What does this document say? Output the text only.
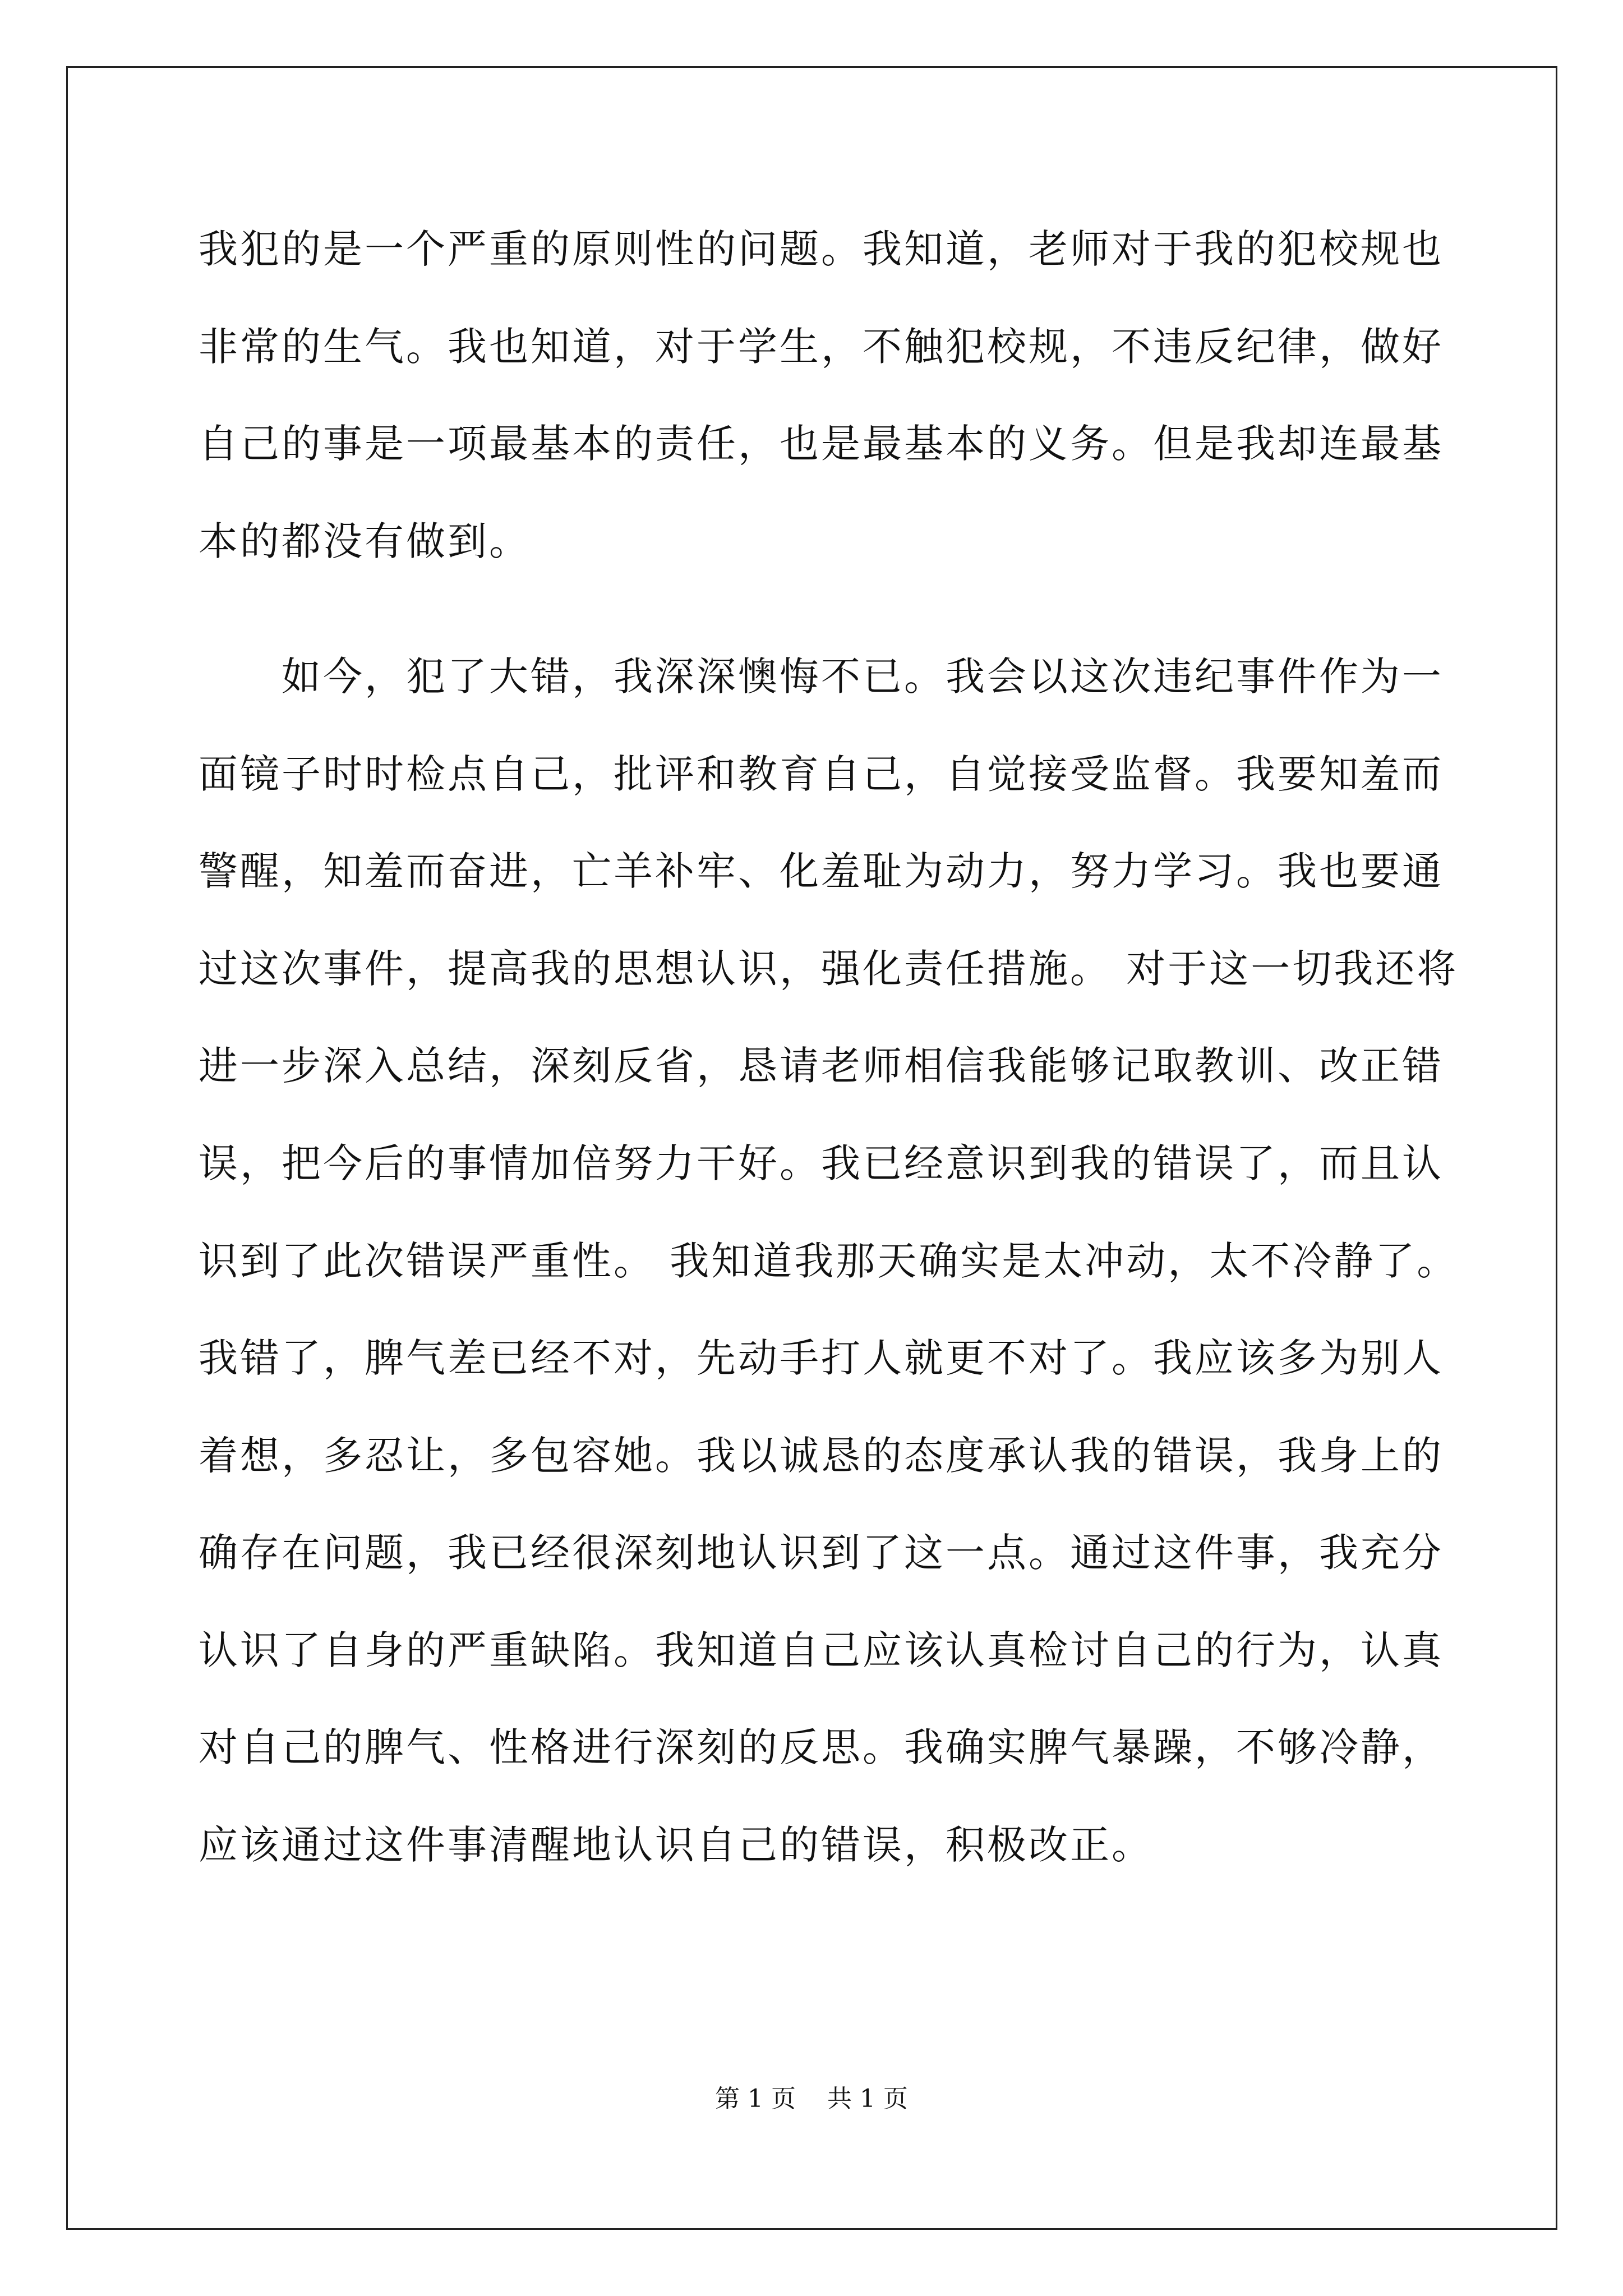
我犯的是一个严重的原则性的问题。我知道，老师对于我的犯校规也
非常的生气。我也知道，对于学生，不触犯校规，不违反纪律，做好
自己的事是一项最基本的责任，也是最基本的义务。但是我却连最基
本的都没有做到。
　　如今，犯了大错，我深深懊悔不已。我会以这次违纪事件作为一
面镜子时时检点自己，批评和教育自己，自觉接受监督。我要知羞而
警醒，知羞而奋进，亡羊补牢、化羞耻为动力，努力学习。我也要通
过这次事件，提高我的思想认识，强化责任措施。 对于这一切我还将
进一步深入总结，深刻反省，恳请老师相信我能够记取教训、改正错
误，把今后的事情加倍努力干好。我已经意识到我的错误了，而且认
识到了此次错误严重性。 我知道我那天确实是太冲动，太不冷静了。
我错了，脾气差已经不对，先动手打人就更不对了。我应该多为别人
着想，多忍让，多包容她。我以诚恳的态度承认我的错误，我身上的
确存在问题，我已经很深刻地认识到了这一点。通过这件事，我充分
认识了自身的严重缺陷。我知道自己应该认真检讨自己的行为，认真
对自己的脾气、性格进行深刻的反思。我确实脾气暴躁，不够冷静，
应该通过这件事清醒地认识自己的错误，积极改正。
第 1 页    共 1 页
